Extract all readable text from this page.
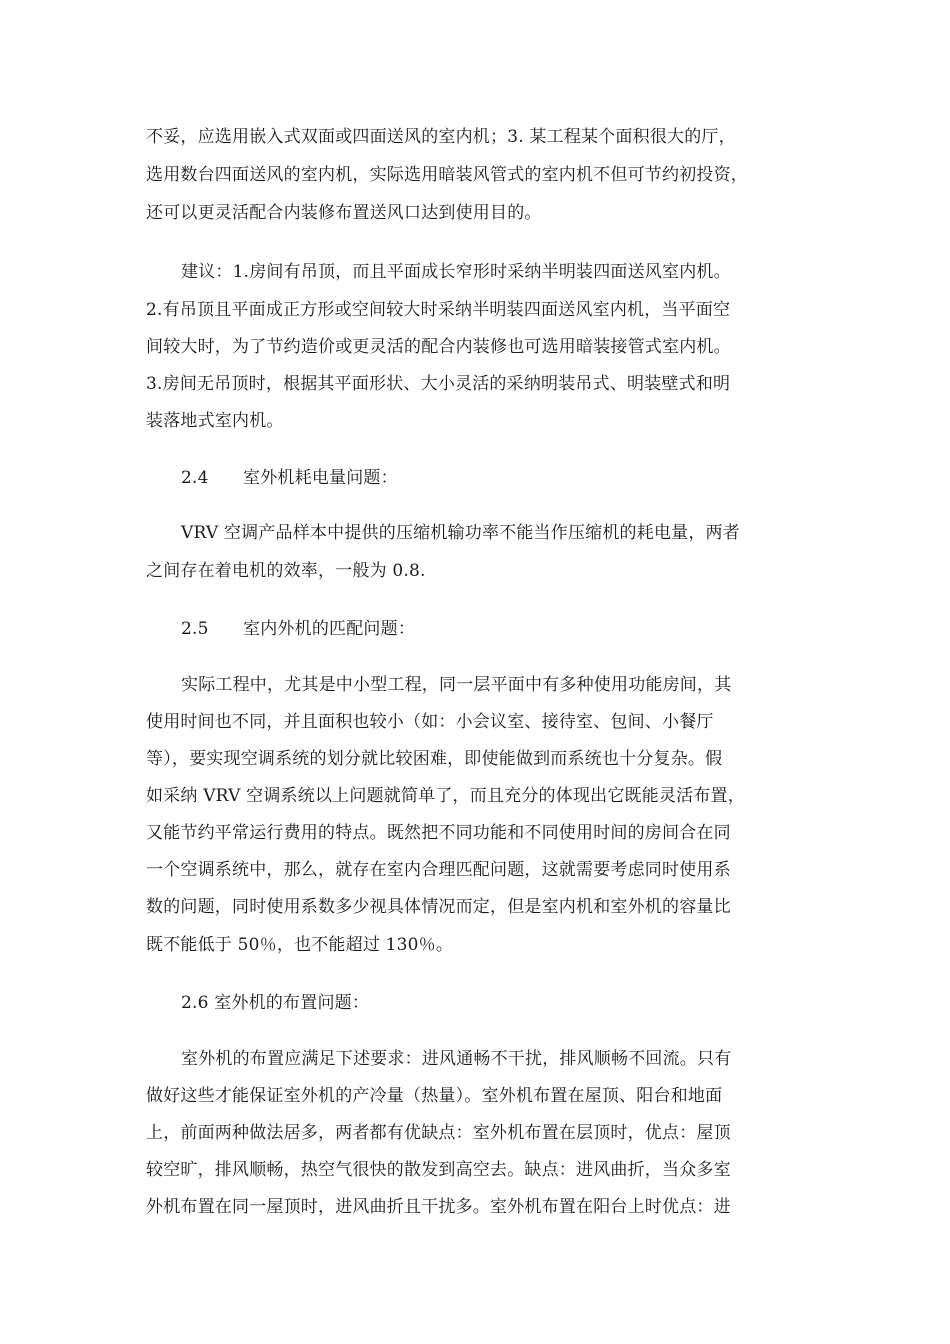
不妥，应选用嵌入式双面或四面送风的室内机；3. 某工程某个面积很大的厅，
选用数台四面送风的室内机，实际选用暗装风管式的室内机不但可节约初投资，
还可以更灵活配合内装修布置送风口达到使用目的。
建议：1.房间有吊顶，而且平面成长窄形时采纳半明装四面送风室内机。
2.有吊顶且平面成正方形或空间较大时采纳半明装四面送风室内机，当平面空
间较大时，为了节约造价或更灵活的配合内装修也可选用暗装接管式室内机。
3.房间无吊顶时，根据其平面形状、大小灵活的采纳明装吊式、明装壁式和明
装落地式室内机。
2.4　　室外机耗电量问题：
VRV 空调产品样本中提供的压缩机输功率不能当作压缩机的耗电量，两者
之间存在着电机的效率，一般为 0.8.
2.5　　室内外机的匹配问题：
实际工程中，尤其是中小型工程，同一层平面中有多种使用功能房间，其
使用时间也不同，并且面积也较小（如：小会议室、接待室、包间、小餐厅
等），要实现空调系统的划分就比较困难，即使能做到而系统也十分复杂。假
如采纳 VRV 空调系统以上问题就简单了，而且充分的体现出它既能灵活布置，
又能节约平常运行费用的特点。既然把不同功能和不同使用时间的房间合在同
一个空调系统中，那么，就存在室内合理匹配问题，这就需要考虑同时使用系
数的问题，同时使用系数多少视具体情况而定，但是室内机和室外机的容量比
既不能低于 50％，也不能超过 130％。
2.6 室外机的布置问题：
室外机的布置应满足下述要求：进风通畅不干扰，排风顺畅不回流。只有
做好这些才能保证室外机的产冷量（热量）。室外机布置在屋顶、阳台和地面
上，前面两种做法居多，两者都有优缺点：室外机布置在层顶时，优点：屋顶
较空旷，排风顺畅，热空气很快的散发到高空去。缺点：进风曲折，当众多室
外机布置在同一屋顶时，进风曲折且干扰多。室外机布置在阳台上时优点：进
